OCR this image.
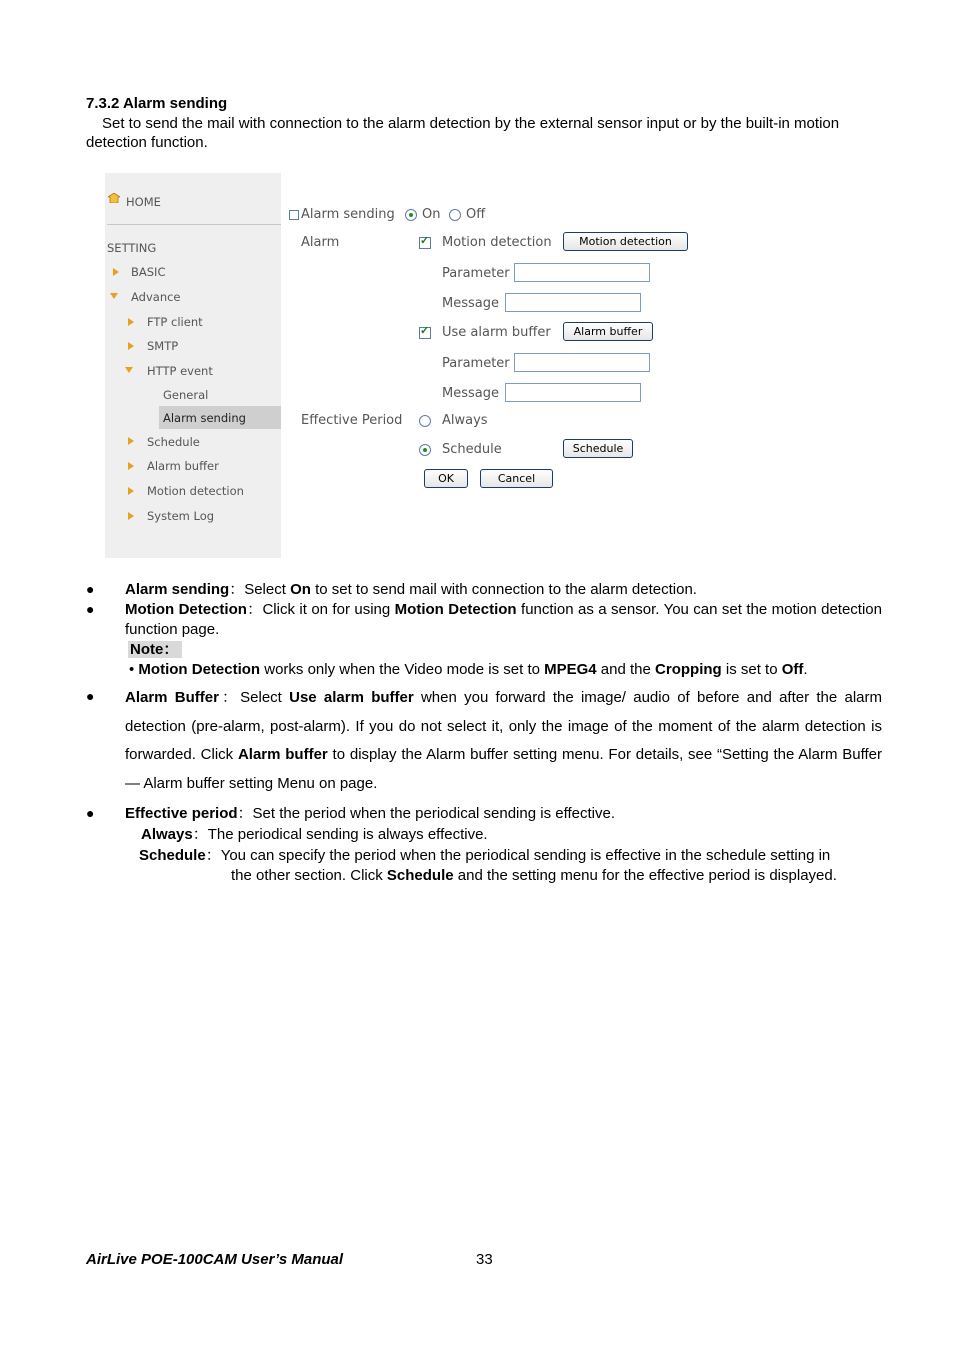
7.3.2 Alarm sending
Set to send the mail with connection to the alarm detection by the external sensor input or by the built-in motion detection function.
HOME
SETTING
BASIC
Advance
FTP client
SMTP
HTTP event
General
Alarm sending
Schedule
Alarm buffer
Motion detection
System Log
Alarm sending On Off
Alarm
✓	Motion detection	Motion detection
Parameter
Message
✓
Use alarm buffer	Alarm buffer
Parameter
Message
Effective Period	Always
Schedule	Schedule
OK	Cancel
● Alarm sending：Select On to set to send mail with connection to the alarm detection.
● Motion Detection：Click it on for using Motion Detection function as a sensor. You can set the motion detection function page.
Note：
• Motion Detection works only when the Video mode is set to MPEG4 and the Cropping is set to Off.
● Alarm Buffer：Select Use alarm buffer when you forward the image/ audio of before and after the alarm detection (pre-alarm, post-alarm). If you do not select it, only the image of the moment of the alarm detection is forwarded. Click Alarm buffer to display the Alarm buffer setting menu. For details, see “Setting the Alarm Buffer — Alarm buffer setting Menu on page.
● Effective period：Set the period when the periodical sending is effective.
Always：The periodical sending is always effective.
Schedule：You can specify the period when the periodical sending is effective in the schedule setting in
the other section. Click Schedule and the setting menu for the effective period is displayed.
AirLive POE-100CAM User’s Manual	33
